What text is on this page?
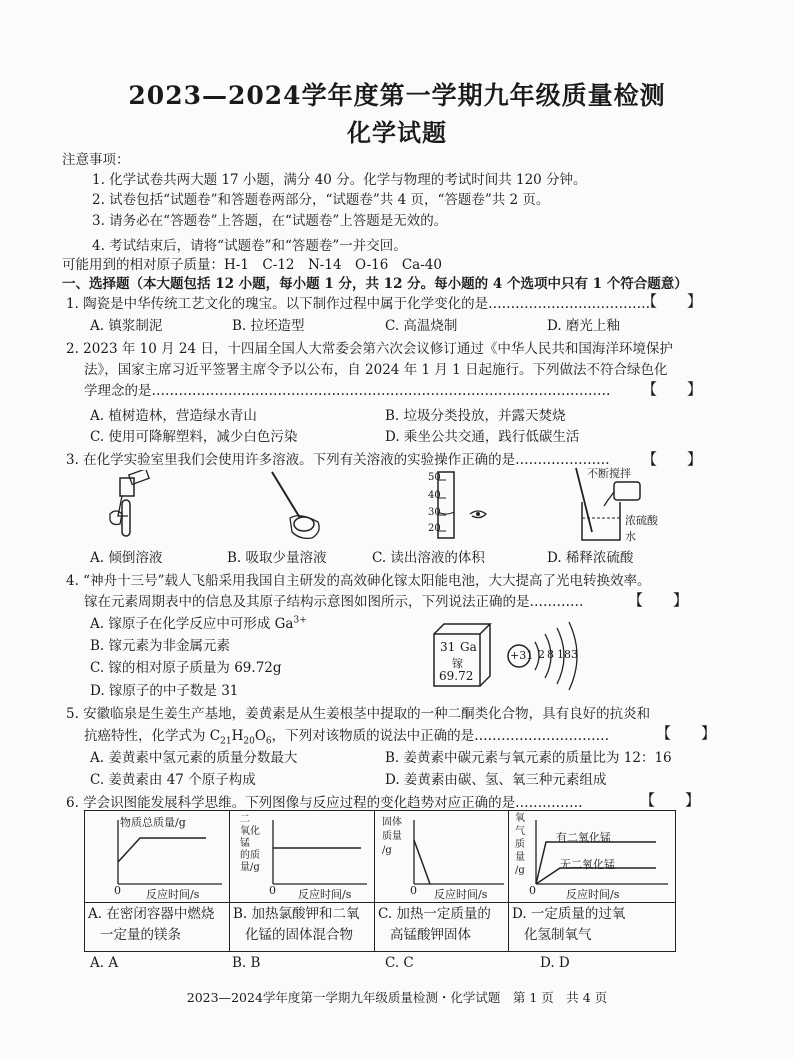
2023—2024学年度第一学期九年级质量检测
化学试题
注意事项：
1. 化学试卷共两大题 17 小题，满分 40 分。化学与物理的考试时间共 120 分钟。
2. 试卷包括“试题卷”和答题卷两部分，“试题卷”共 4 页，“答题卷”共 2 页。
3. 请务必在“答题卷”上答题，在“试题卷”上答题是无效的。
4. 考试结束后，请将“试题卷”和“答题卷”一并交回。
可能用到的相对原子质量：H-1　C-12　N-14　O-16　Ca-40
一、选择题（本大题包括 12 小题，每小题 1 分，共 12 分。每小题的 4 个选项中只有 1 个符合题意）
1. 陶瓷是中华传统工艺文化的瑰宝。以下制作过程中属于化学变化的是………………………………
【　　】
A. 镇浆制泥	B. 拉坯造型	C. 高温烧制	D. 磨光上釉
2. 2023 年 10 月 24 日，十四届全国人大常委会第六次会议修订通过《中华人民共和国海洋环境保护
法》，国家主席习近平签署主席令予以公布，自 2024 年 1 月 1 日起施行。下列做法不符合绿色化
学理念的是………………………………………………………………………………………… 【　　】
A. 植树造林，营造绿水青山	B. 垃圾分类投放，并露天焚烧
C. 使用可降解塑料，减少白色污染	D. 乘坐公共交通，践行低碳生活
3. 在化学实验室里我们会使用许多溶液。下列有关溶液的实验操作正确的是………………… 【　　】
50
40
30
20
不断搅拌
浓硫酸
水
A. 倾倒溶液	B. 吸取少量溶液	C. 读出溶液的体积	D. 稀释浓硫酸
4. “神舟十三号”载人飞船采用我国自主研发的高效砷化镓太阳能电池，大大提高了光电转换效率。
镓在元素周期表中的信息及其原子结构示意图如图所示，下列说法正确的是…………	【　　】
A. 镓原子在化学反应中可形成 $Ga^{3+}$
B. 镓元素为非金属元素
C. 镓的相对原子质量为 69.72g
D. 镓原子的中子数是 31
31 Ga
镓
69.72
+31 2 8 18 3
5. 安徽临泉是生姜生产基地，姜黄素是从生姜根茎中提取的一种二酮类化合物，具有良好的抗炎和
抗癌特性，化学式为 $C_{21}H_{20}O_6$，下列对该物质的说法中正确的是…………………………	【　　】
A. 姜黄素中氢元素的质量分数最大	B. 姜黄素中碳元素与氧元素的质量比为 12：16
C. 姜黄素由 47 个原子构成	D. 姜黄素由碳、氢、氧三种元素组成
6. 学会识图能发展科学思维。下列图像与反应过程的变化趋势对应正确的是……………	【　　】
物质总质量/g
0 反应时间/s
二
氧化
锰
的质
量/g
0 反应时间/s
固体
质量
/g
0 反应时间/s
氧
气
质
量
/g
有二氧化锰
无二氧化锰
0	反应时间/s
A. 在密闭容器中燃烧
一定量的镁条
B. 加热氯酸钾和二氧
化锰的固体混合物
C. 加热一定质量的
高锰酸钾固体
D. 一定质量的过氧
化氢制氧气
A. A	B. B	C. C	D. D
2023—2024学年度第一学期九年级质量检测・化学试题　第 1 页　共 4 页
